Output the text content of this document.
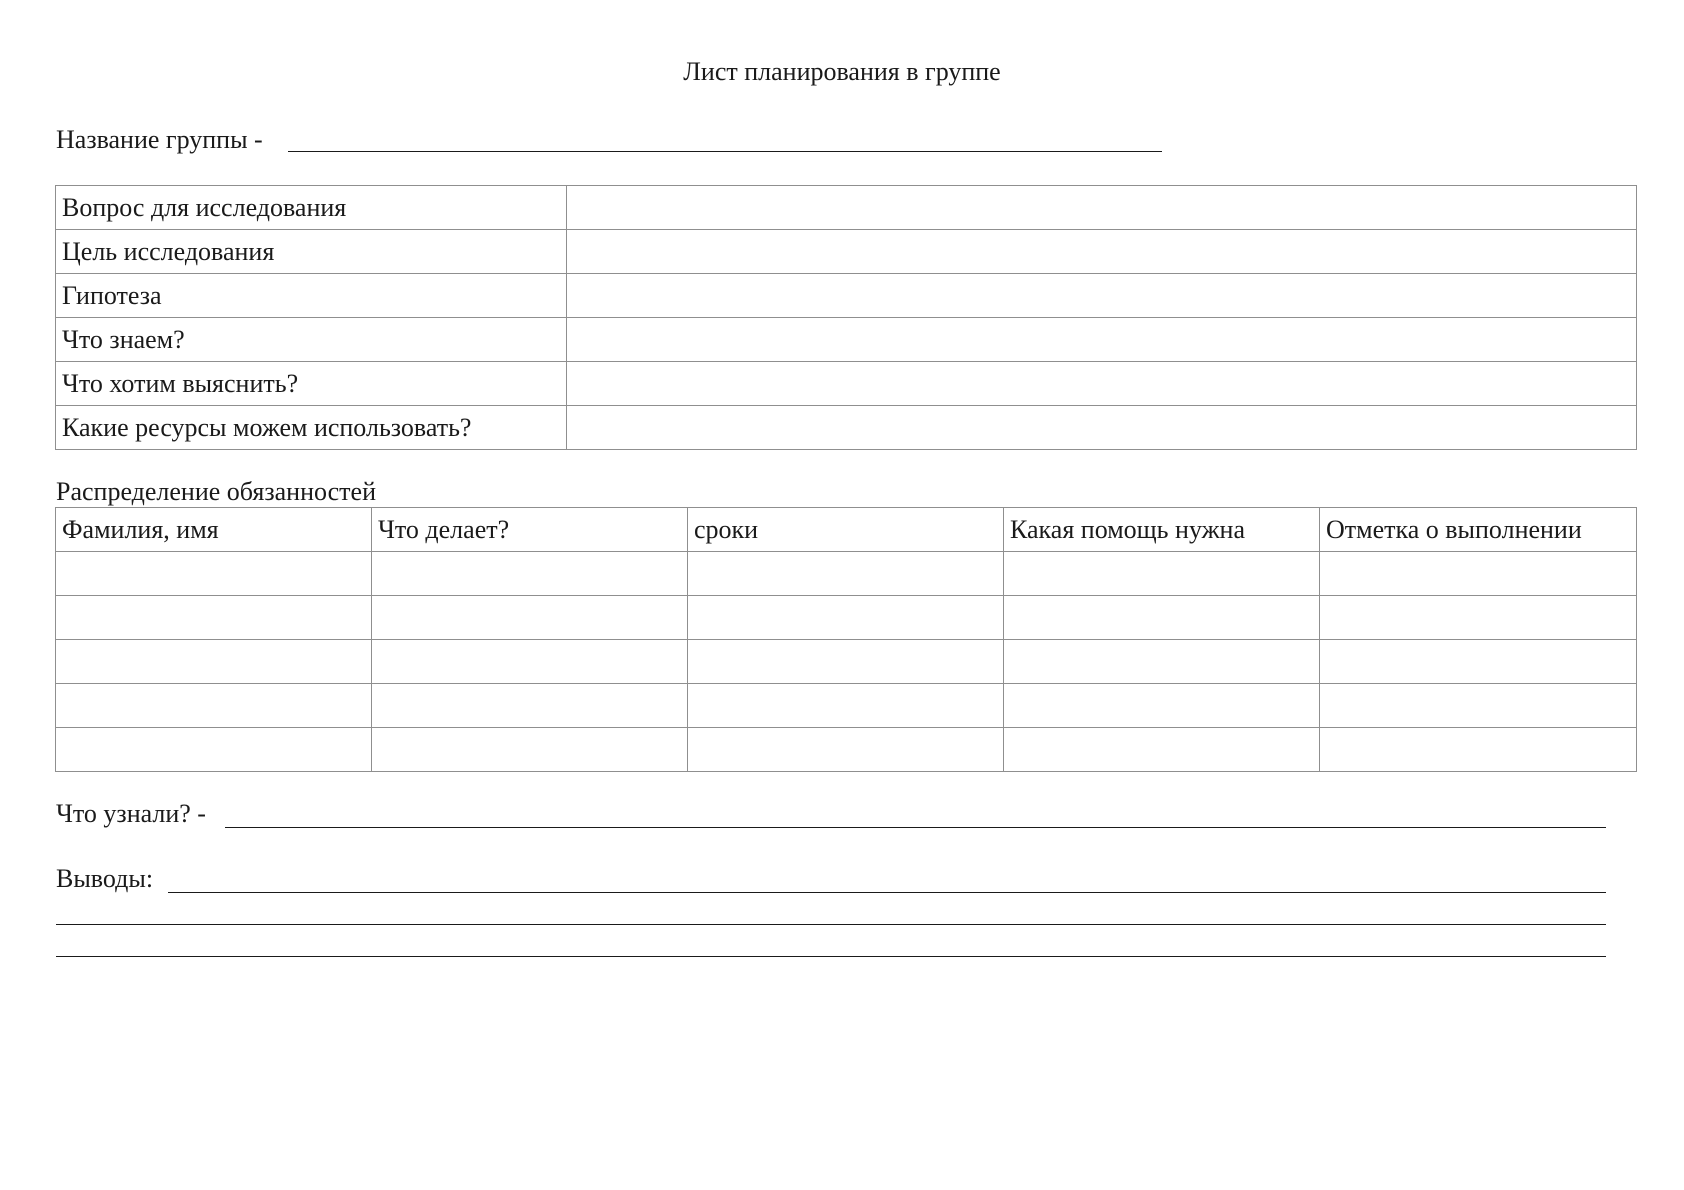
Лист планирования в группе
Название группы -
Вопрос для исследования	
Цель исследования	
Гипотеза	
Что знаем?	
Что хотим выяснить?	
Какие ресурсы можем использовать?	
Распределение обязанностей
Фамилия, имя	Что делает?	сроки	Какая помощь нужна	Отметка о выполнении

Что узнали? -
Выводы:
